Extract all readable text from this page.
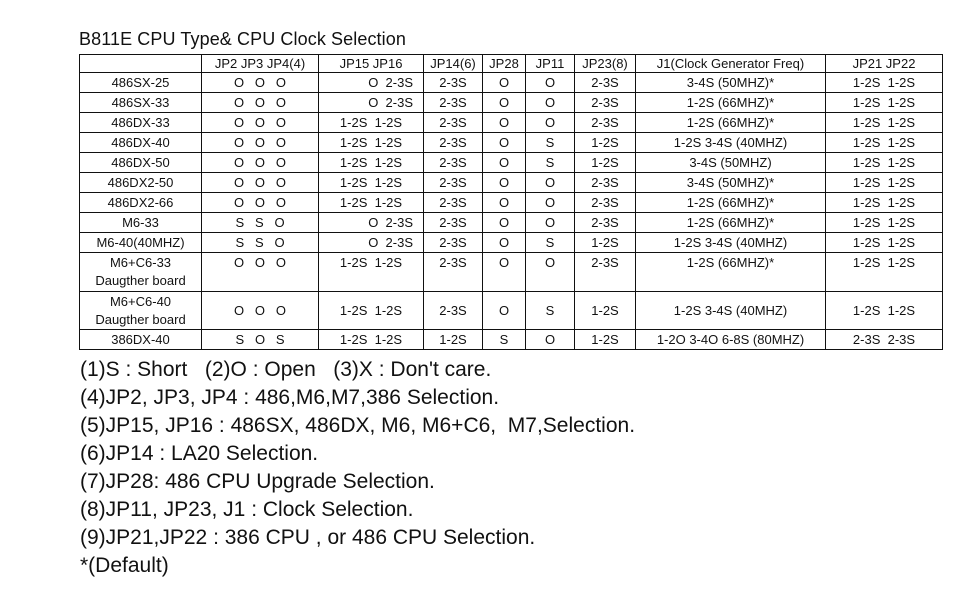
B811E CPU Type& CPU Clock Selection
	JP2 JP3 JP4(4)	JP15 JP16	JP14(6)	JP28	JP11	JP23(8)	J1(Clock Generator Freq)	JP21 JP22
486SX-25	O   O   O	O  2-3S	2-3S	O	O	2-3S	3-4S (50MHZ)*	1-2S  1-2S
486SX-33	O   O   O	O  2-3S	2-3S	O	O	2-3S	1-2S (66MHZ)*	1-2S  1-2S
486DX-33	O   O   O	1-2S  1-2S	2-3S	O	O	2-3S	1-2S (66MHZ)*	1-2S  1-2S
486DX-40	O   O   O	1-2S  1-2S	2-3S	O	S	1-2S	1-2S 3-4S (40MHZ)	1-2S  1-2S
486DX-50	O   O   O	1-2S  1-2S	2-3S	O	S	1-2S	3-4S (50MHZ)	1-2S  1-2S
486DX2-50	O   O   O	1-2S  1-2S	2-3S	O	O	2-3S	3-4S (50MHZ)*	1-2S  1-2S
486DX2-66	O   O   O	1-2S  1-2S	2-3S	O	O	2-3S	1-2S (66MHZ)*	1-2S  1-2S
M6-33	S   S   O	O  2-3S	2-3S	O	O	2-3S	1-2S (66MHZ)*	1-2S  1-2S
M6-40(40MHZ)	S   S   O	O  2-3S	2-3S	O	S	1-2S	1-2S 3-4S (40MHZ)	1-2S  1-2S

M6+C6-33
Daugther board	O   O   O	1-2S  1-2S	2-3S	O	O	2-3S	1-2S (66MHZ)*	1-2S  1-2S

M6+C6-40
Daugther board	O   O   O	1-2S  1-2S	2-3S	O	S	1-2S	1-2S 3-4S (40MHZ)	1-2S  1-2S
386DX-40	S   O   S	1-2S  1-2S	1-2S	S	O	1-2S	1-2O 3-4O 6-8S (80MHZ)	2-3S  2-3S
(1)S : Short   (2)O : Open   (3)X : Don't care.
(4)JP2, JP3, JP4 : 486,M6,M7,386 Selection.
(5)JP15, JP16 : 486SX, 486DX, M6, M6+C6,  M7,Selection.
(6)JP14 : LA20 Selection.
(7)JP28: 486 CPU Upgrade Selection.
(8)JP11, JP23, J1 : Clock Selection.
(9)JP21,JP22 : 386 CPU , or 486 CPU Selection.
*(Default)
